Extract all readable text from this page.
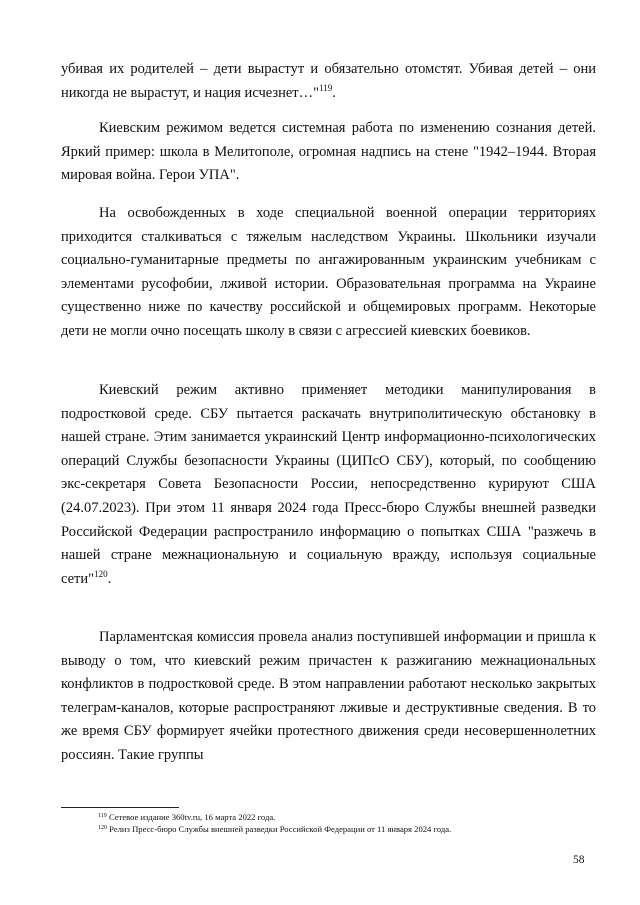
убивая их родителей – дети вырастут и обязательно отомстят. Убивая детей – они никогда не вырастут, и нация исчезнет…"$^{119}$.

Киевским режимом ведется системная работа по изменению сознания детей. Яркий пример: школа в Мелитополе, огромная надпись на стене "1942–1944. Вторая мировая война. Герои УПА".

На освобожденных в ходе специальной военной операции территориях приходится сталкиваться с тяжелым наследством Украины. Школьники изучали социально-гуманитарные предметы по ангажированным украинским учебникам с элементами русофобии, лживой истории. Образовательная программа на Украине существенно ниже по качеству российской и общемировых программ. Некоторые дети не могли очно посещать школу в связи с агрессией киевских боевиков.

Киевский режим активно применяет методики манипулирования в подростковой среде. СБУ пытается раскачать внутриполитическую обстановку в нашей стране. Этим занимается украинский Центр информационно-психологических операций Службы безопасности Украины (ЦИПсО СБУ), который, по сообщению экс-секретаря Совета Безопасности России, непосредственно курируют США (24.07.2023). При этом 11 января 2024 года Пресс-бюро Службы внешней разведки Российской Федерации распространило информацию о попытках США "разжечь в нашей стране межнациональную и социальную вражду, используя социальные сети"$^{120}$.

Парламентская комиссия провела анализ поступившей информации и пришла к выводу о том, что киевский режим причастен к разжиганию межнациональных конфликтов в подростковой среде. В этом направлении работают несколько закрытых телеграм-каналов, которые распространяют лживые и деструктивные сведения. В то же время СБУ формирует ячейки протестного движения среди несовершеннолетних россиян. Такие группы

$^{119}$ Сетевое издание 360tv.ru, 16 марта 2022 года.
$^{120}$ Релиз Пресс-бюро Службы внешней разведки Российской Федерации от 11 января 2024 года.
58
